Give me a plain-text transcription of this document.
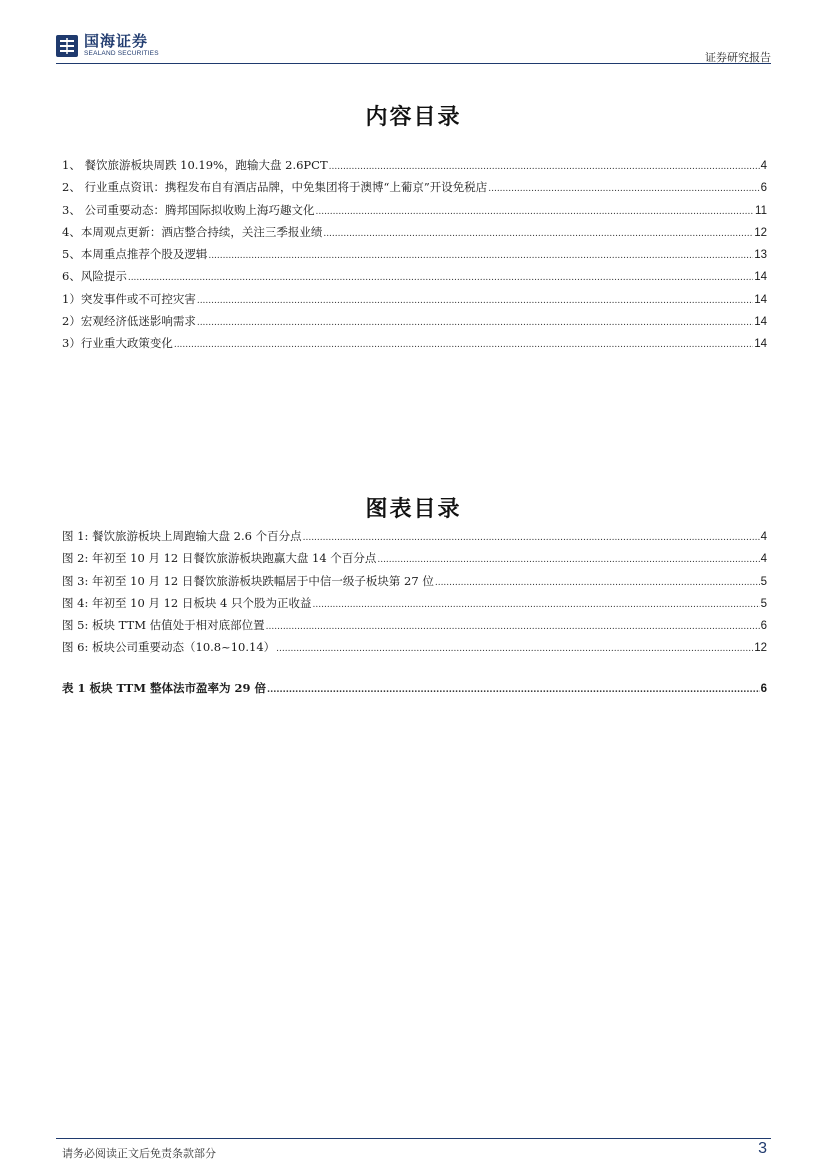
国海证券
SEALAND SECURITIES	证券研究报告
内容目录
1、 餐饮旅游板块周跌 10.19%，跑输大盘 2.6PCT .....	4
2、 行业重点资讯：携程发布自有酒店品牌，中免集团将于澳博“上葡京”开设免税店 .....	6
3、 公司重要动态：腾邦国际拟收购上海巧趣文化 .....	11
4、本周观点更新：酒店整合持续，关注三季报业绩 .....	12
5、本周重点推荐个股及逻辑 .....	13
6、风险提示 .....	14
1）突发事件或不可控灾害 .....	14
2）宏观经济低迷影响需求 .....	14
3）行业重大政策变化 .....	14
图表目录
图 1: 餐饮旅游板块上周跑输大盘 2.6 个百分点 .....	4
图 2: 年初至 10 月 12 日餐饮旅游板块跑赢大盘 14 个百分点 .....	4
图 3: 年初至 10 月 12 日餐饮旅游板块跌幅居于中信一级子板块第 27 位 .....	5
图 4: 年初至 10 月 12 日板块 4 只个股为正收益 .....	5
图 5: 板块 TTM 估值处于相对底部位置 .....	6
图 6: 板块公司重要动态（10.8~10.14） .....	12
表 1 板块 TTM 整体法市盈率为 29 倍 .....	6
请务必阅读正文后免责条款部分	3
